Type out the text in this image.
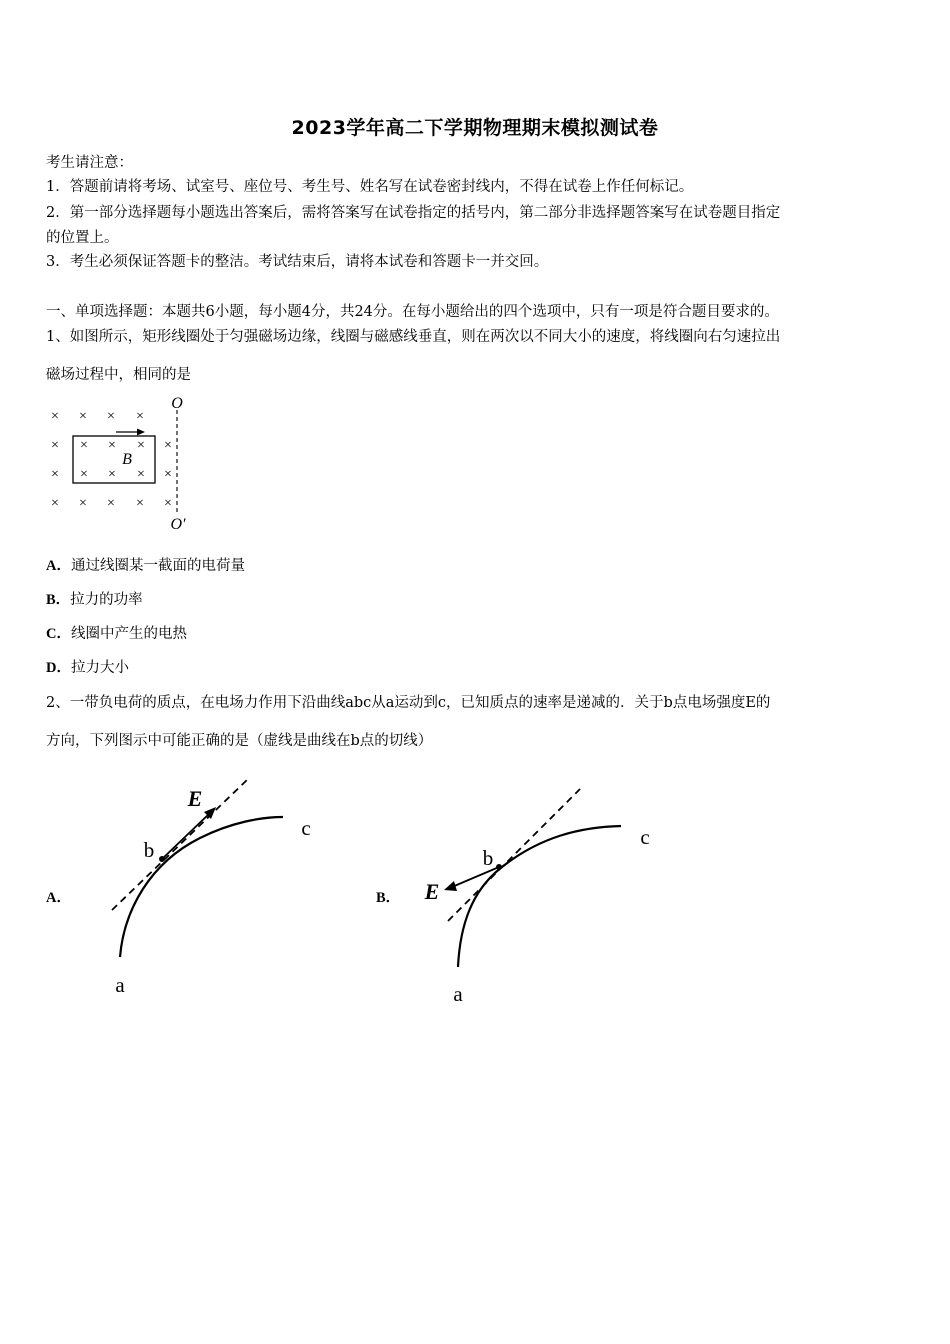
2023学年高二下学期物理期末模拟测试卷
考生请注意：
1．答题前请将考场、试室号、座位号、考生号、姓名写在试卷密封线内，不得在试卷上作任何标记。
2．第一部分选择题每小题选出答案后，需将答案写在试卷指定的括号内，第二部分非选择题答案写在试卷题目指定
的位置上。
3．考生必须保证答题卡的整洁。考试结束后，请将本试卷和答题卡一并交回。
一、单项选择题：本题共6小题，每小题4分，共24分。在每小题给出的四个选项中，只有一项是符合题目要求的。
1、如图所示，矩形线圈处于匀强磁场边缘，线圈与磁感线垂直，则在两次以不同大小的速度，将线圈向右匀速拉出
磁场过程中，相同的是
× × × ×
× × × × ×
× × × × ×
× × × × ×
O
O′
B
A．通过线圈某一截面的电荷量
B．拉力的功率
C．线圈中产生的电热
D．拉力大小
2、一带负电荷的质点，在电场力作用下沿曲线abc从a运动到c，已知质点的速率是递减的．关于b点电场强度E的
方向，下列图示中可能正确的是（虚线是曲线在b点的切线）
A．
E
b
c
a
B． E
b
c
a
